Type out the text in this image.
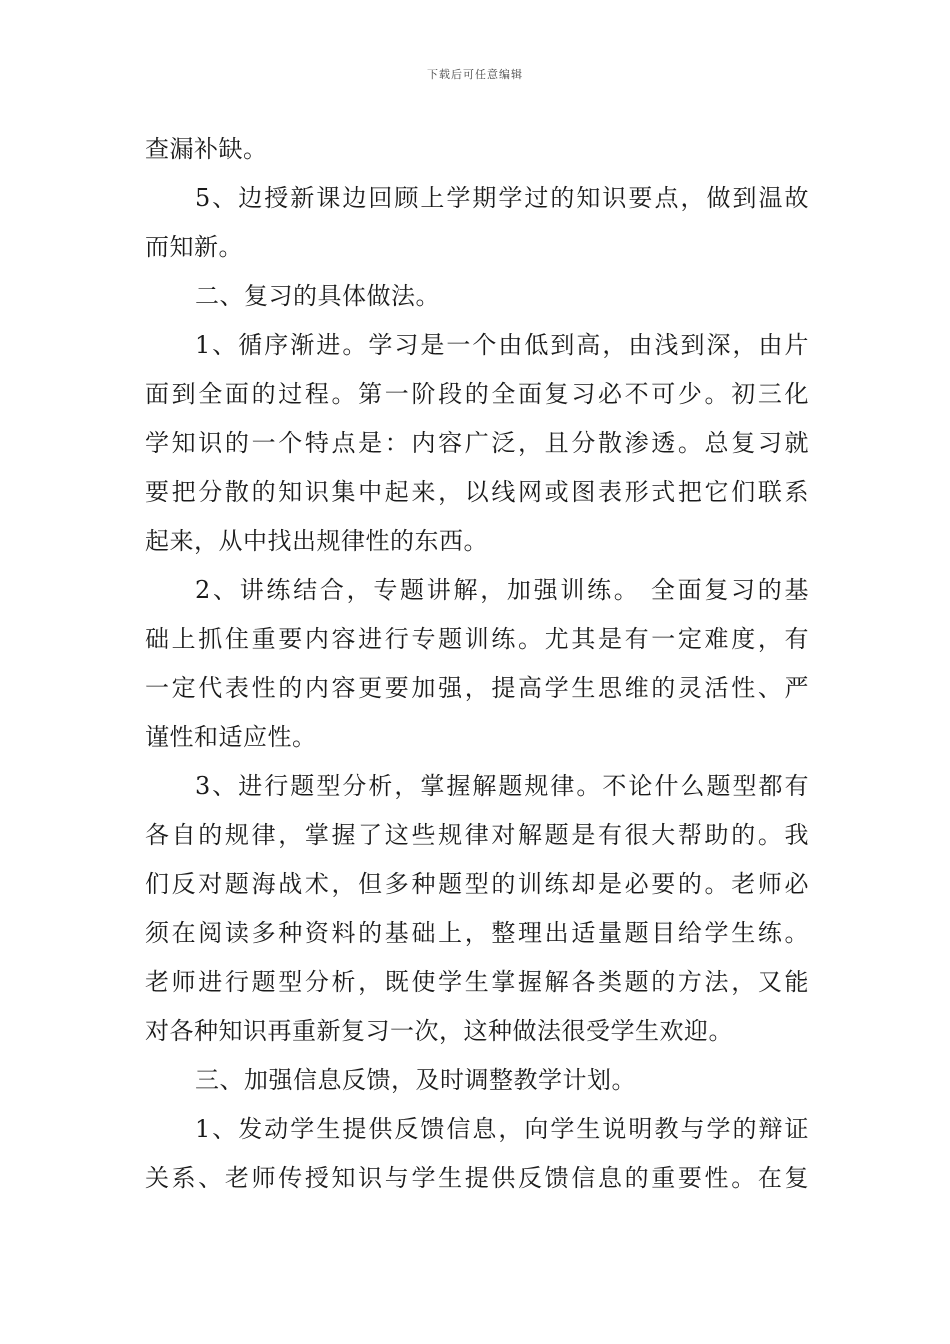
下载后可任意编辑
查漏补缺。
5、边授新课边回顾上学期学过的知识要点，做到温故
而知新。
二、复习的具体做法。
1、循序渐进。学习是一个由低到高，由浅到深，由片
面到全面的过程。第一阶段的全面复习必不可少。初三化
学知识的一个特点是：内容广泛，且分散渗透。总复习就
要把分散的知识集中起来，以线网或图表形式把它们联系
起来，从中找出规律性的东西。
2、讲练结合，专题讲解，加强训练。 全面复习的基
础上抓住重要内容进行专题训练。尤其是有一定难度，有
一定代表性的内容更要加强，提高学生思维的灵活性、严
谨性和适应性。
3、进行题型分析，掌握解题规律。不论什么题型都有
各自的规律，掌握了这些规律对解题是有很大帮助的。我
们反对题海战术，但多种题型的训练却是必要的。老师必
须在阅读多种资料的基础上，整理出适量题目给学生练。
老师进行题型分析，既使学生掌握解各类题的方法，又能
对各种知识再重新复习一次，这种做法很受学生欢迎。
三、加强信息反馈，及时调整教学计划。
1、发动学生提供反馈信息，向学生说明教与学的辩证
关系、老师传授知识与学生提供反馈信息的重要性。在复
